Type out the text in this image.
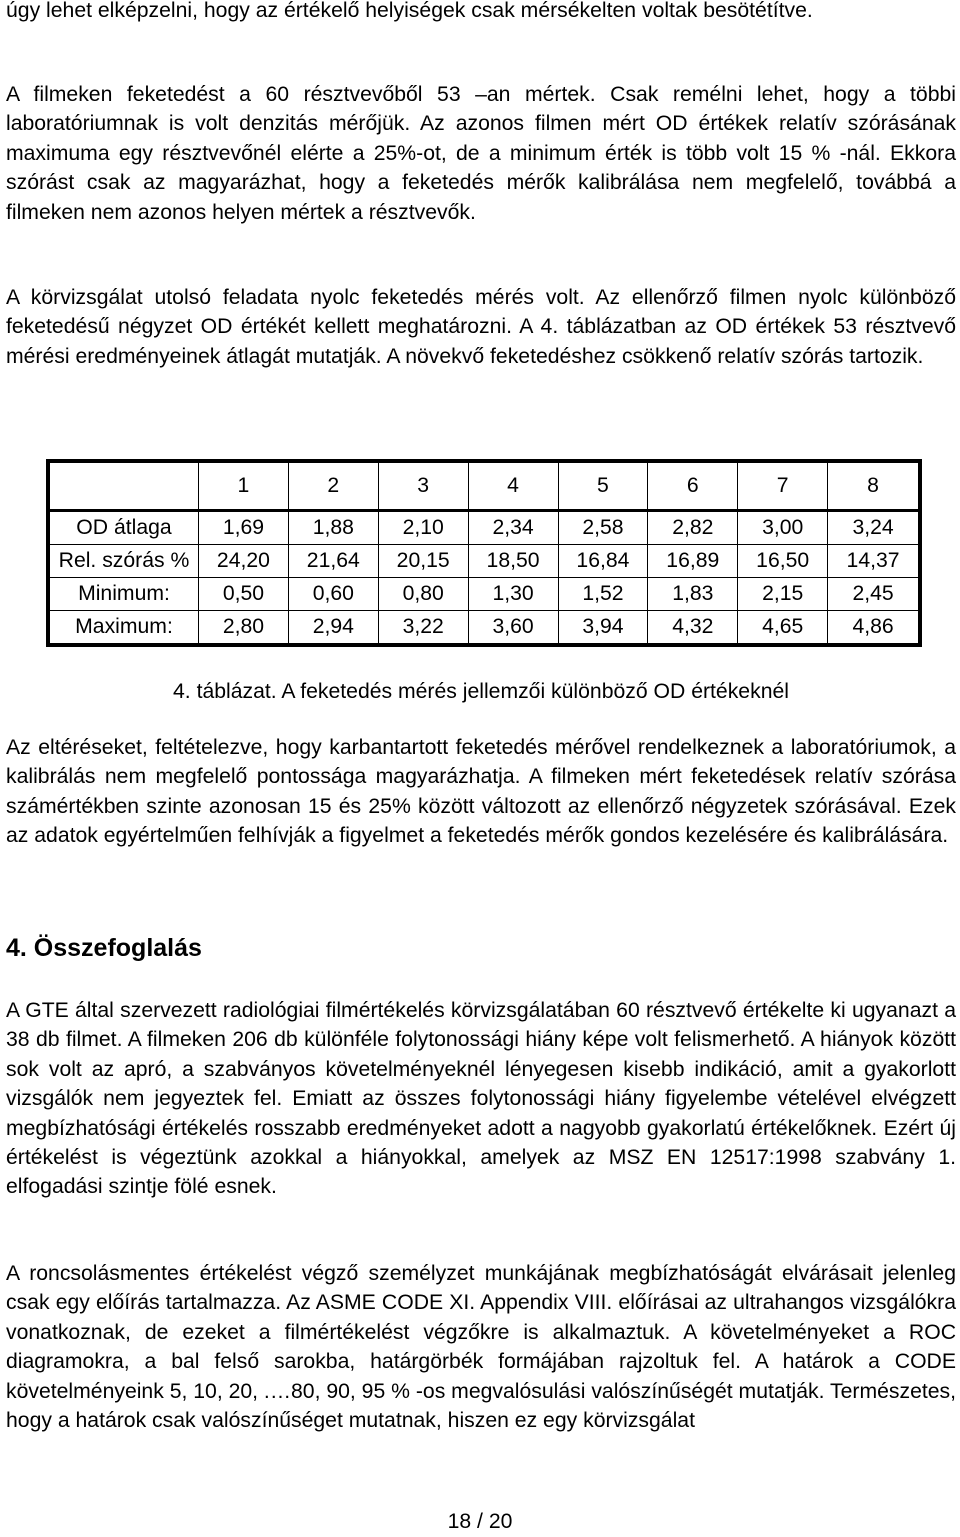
úgy lehet elképzelni, hogy az értékelő helyiségek csak mérsékelten voltak besötétítve.

A filmeken feketedést a 60 résztvevőből 53 –an mértek. Csak remélni lehet, hogy a többi laboratóriumnak is volt denzitás mérőjük. Az azonos filmen mért OD értékek relatív szórásának maximuma egy résztvevőnél elérte a 25%-ot, de a minimum érték is több volt 15 % -nál. Ekkora szórást csak az magyarázhat, hogy a feketedés mérők kalibrálása nem megfelelő, továbbá a filmeken nem azonos helyen mértek a résztvevők.

A körvizsgálat utolsó feladata nyolc feketedés mérés volt. Az ellenőrző filmen nyolc különböző feketedésű négyzet OD értékét kellett meghatározni. A 4. táblázatban az OD értékek 53 résztvevő mérési eredményeinek átlagát mutatják. A növekvő feketedéshez csökkenő relatív szórás tartozik.

	1	2	3	4	5	6	7	8
OD átlaga	1,69	1,88	2,10	2,34	2,58	2,82	3,00	3,24
Rel. szórás %	24,20	21,64	20,15	18,50	16,84	16,89	16,50	14,37
Minimum:	0,50	0,60	0,80	1,30	1,52	1,83	2,15	2,45
Maximum:	2,80	2,94	3,22	3,60	3,94	4,32	4,65	4,86
4. táblázat. A feketedés mérés jellemzői különböző OD értékeknél

Az eltéréseket, feltételezve, hogy karbantartott feketedés mérővel rendelkeznek a laboratóriumok, a kalibrálás nem megfelelő pontossága magyarázhatja. A filmeken mért feketedések relatív szórása számértékben szinte azonosan 15 és 25% között változott az ellenőrző négyzetek szórásával. Ezek az adatok egyértelműen felhívják a figyelmet a feketedés mérők gondos kezelésére és kalibrálására.

4. Összefoglalás

A GTE által szervezett radiológiai filmértékelés körvizsgálatában 60 résztvevő értékelte ki ugyanazt a 38 db filmet. A filmeken 206 db különféle folytonossági hiány képe volt felismerhető. A hiányok között sok volt az apró, a szabványos követelményeknél lényegesen kisebb indikáció, amit a gyakorlott vizsgálók nem jegyeztek fel. Emiatt az összes folytonossági hiány figyelembe vételével elvégzett megbízhatósági értékelés rosszabb eredményeket adott a nagyobb gyakorlatú értékelőknek. Ezért új értékelést is végeztünk azokkal a hiányokkal, amelyek az MSZ EN 12517:1998 szabvány 1. elfogadási szintje fölé esnek.

A roncsolásmentes értékelést végző személyzet munkájának megbízhatóságát elvárásait jelenleg csak egy előírás tartalmazza. Az ASME CODE XI. Appendix VIII. előírásai az ultrahangos vizsgálókra vonatkoznak, de ezeket a filmértékelést végzőkre is alkalmaztuk. A követelményeket a ROC diagramokra, a bal felső sarokba, határgörbék formájában rajzoltuk fel. A határok a CODE követelményeink 5, 10, 20, .…80, 90, 95 % -os megvalósulási valószínűségét mutatják. Természetes, hogy a határok csak valószínűséget mutatnak, hiszen ez egy körvizsgálat

18 / 20
